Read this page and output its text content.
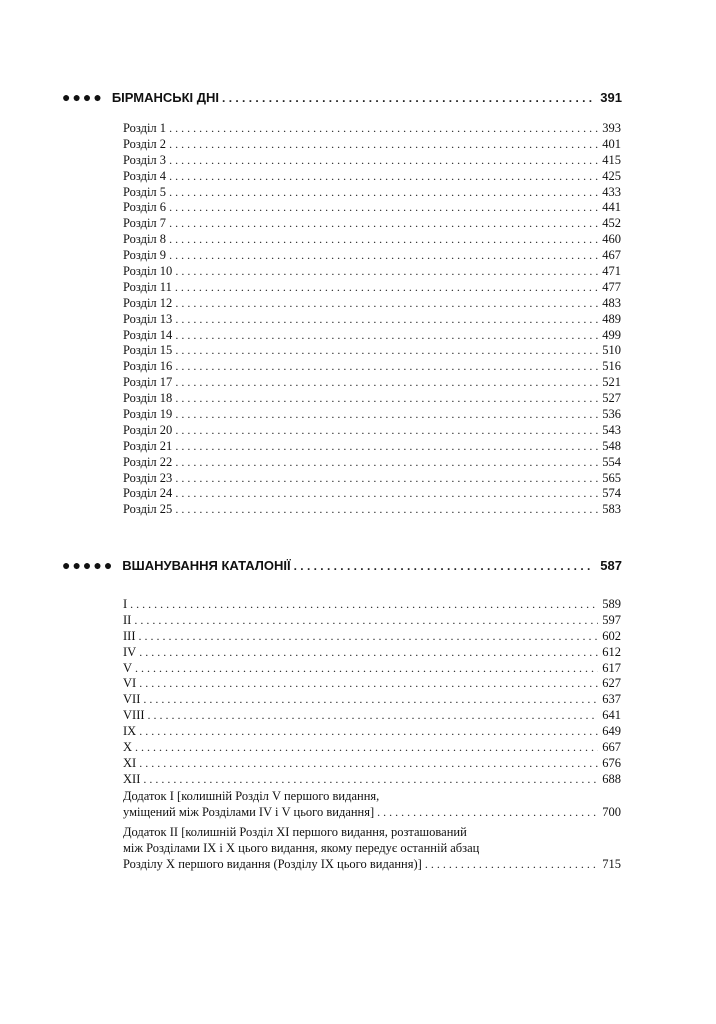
●●●● БІРМАНСЬКІ ДНІ . . .	391
Розділ 1 . . .	393
Розділ 2 . . .	401
Розділ 3 . . .	415
Розділ 4 . . .	425
Розділ 5 . . .	433
Розділ 6 . . .	441
Розділ 7 . . .	452
Розділ 8 . . .	460
Розділ 9 . . .	467
Розділ 10 . . .	471
Розділ 11 . . .	477
Розділ 12 . . .	483
Розділ 13 . . .	489
Розділ 14 . . .	499
Розділ 15 . . .	510
Розділ 16 . . .	516
Розділ 17 . . .	521
Розділ 18 . . .	527
Розділ 19 . . .	536
Розділ 20 . . .	543
Розділ 21 . . .	548
Розділ 22 . . .	554
Розділ 23 . . .	565
Розділ 24 . . .	574
Розділ 25 . . .	583
●●●●● ВШАНУВАННЯ КАТАЛОНІЇ . . .	587
I . . .	589
II . . .	597
III . . .	602
IV . . .	612
V . . .	617
VI . . .	627
VII . . .	637
VIII . . .	641
IX . . .	649
X . . .	667
XI . . .	676
XII . . .	688
Додаток I [колишній Розділ V першого видання,
уміщений між Розділами IV і V цього видання] . . .	700
Додаток II [колишній Розділ XI першого видання, розташований
між Розділами IX і X цього видання, якому передує останній абзац
Розділу X першого видання (Розділу IX цього видання)] . . .	715
